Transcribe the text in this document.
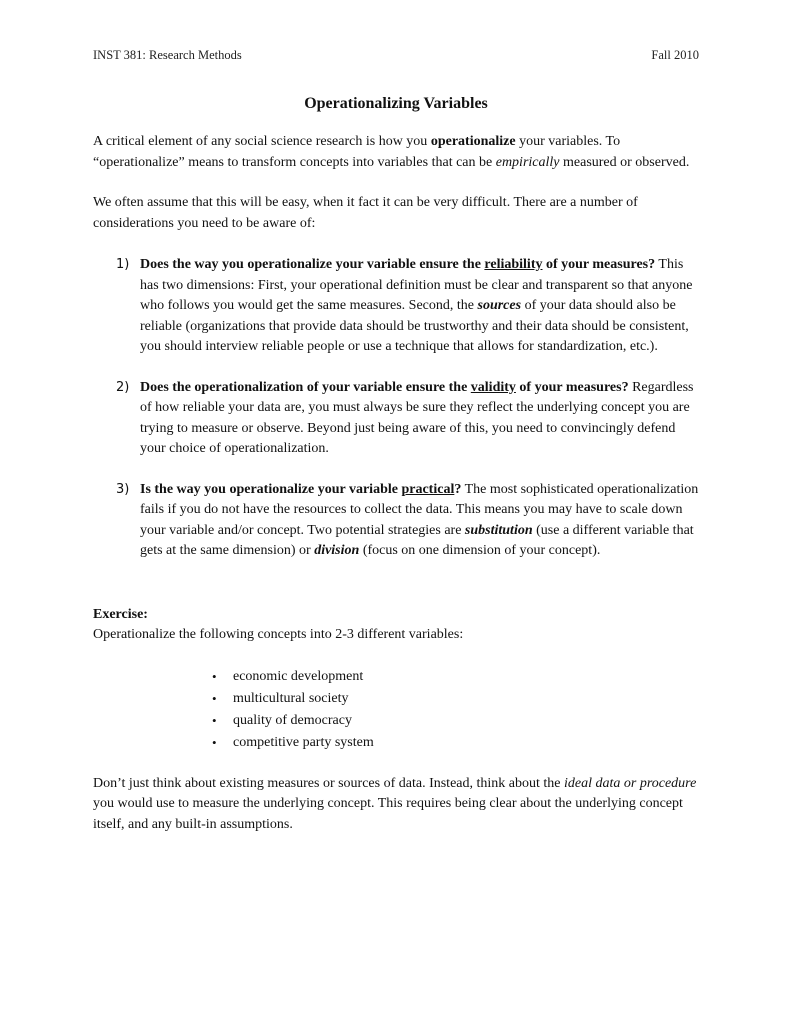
INST 381: Research Methods	Fall 2010
Operationalizing Variables

A critical element of any social science research is how you operationalize your variables. To “operationalize” means to transform concepts into variables that can be empirically measured or observed.

We often assume that this will be easy, when it fact it can be very difficult. There are a number of considerations you need to be aware of:

1) Does the way you operationalize your variable ensure the reliability of your measures? This has two dimensions: First, your operational definition must be clear and transparent so that anyone who follows you would get the same measures. Second, the sources of your data should also be reliable (organizations that provide data should be trustworthy and their data should be consistent, you should interview reliable people or use a technique that allows for standardization, etc.).
2) Does the operationalization of your variable ensure the validity of your measures? Regardless of how reliable your data are, you must always be sure they reflect the underlying concept you are trying to measure or observe. Beyond just being aware of this, you need to convincingly defend your choice of operationalization.
3) Is the way you operationalize your variable practical? The most sophisticated operationalization fails if you do not have the resources to collect the data. This means you may have to scale down your variable and/or concept. Two potential strategies are substitution (use a different variable that gets at the same dimension) or division (focus on one dimension of your concept).

Exercise:

Operationalize the following concepts into 2-3 different variables:

• economic development
• multicultural society
• quality of democracy
• competitive party system

Don’t just think about existing measures or sources of data. Instead, think about the ideal data or procedure you would use to measure the underlying concept. This requires being clear about the underlying concept itself, and any built-in assumptions.
